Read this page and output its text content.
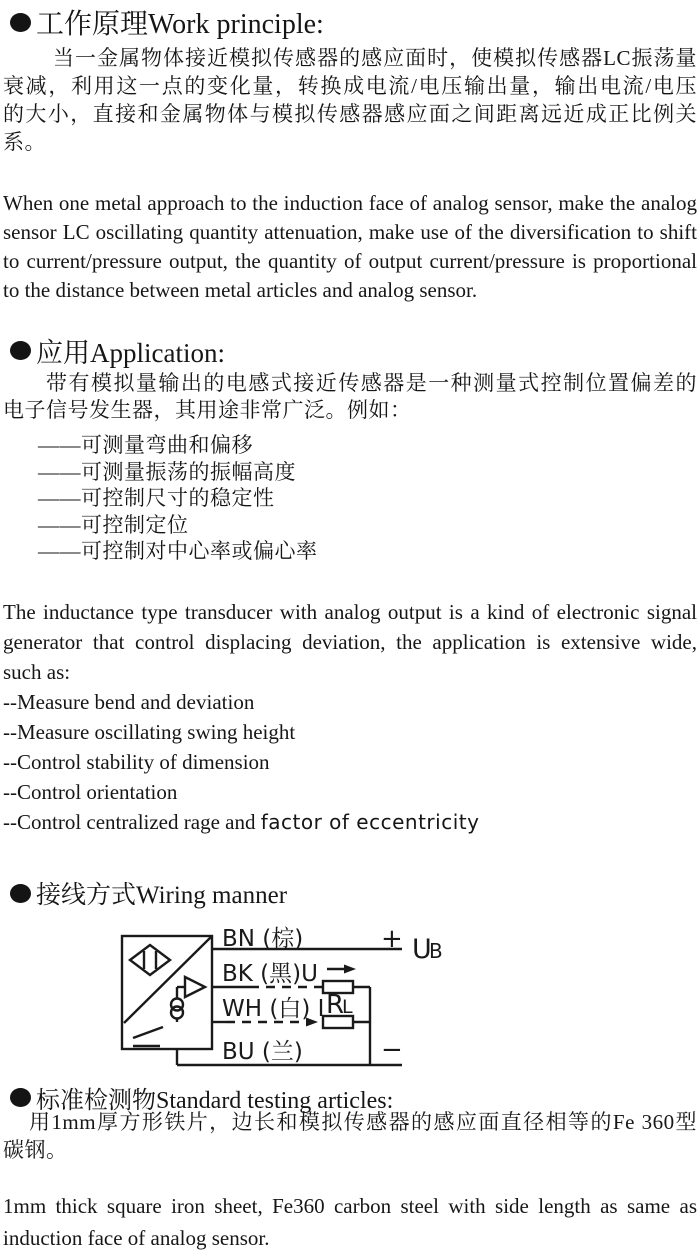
工作原理Work principle:
当一金属物体接近模拟传感器的感应面时，使模拟传感器LC振荡量
衰减，利用这一点的变化量，转换成电流/电压输出量，输出电流/电压
的大小，直接和金属物体与模拟传感器感应面之间距离远近成正比例关
系。
When one metal approach to the induction face of analog sensor, make the analog
sensor LC oscillating quantity attenuation, make use of the diversification to shift
to current/pressure output, the quantity of output current/pressure is proportional
to the distance between metal articles and analog sensor.
应用Application:
带有模拟量输出的电感式接近传感器是一种测量式控制位置偏差的
电子信号发生器，其用途非常广泛。例如：
——可测量弯曲和偏移
——可测量振荡的振幅高度
——可控制尺寸的稳定性
——可控制定位
——可控制对中心率或偏心率
The inductance type transducer with analog output is a kind of electronic signal
generator that control displacing deviation, the application is extensive wide,
such as:
--Measure bend and deviation
--Measure oscillating swing height
--Control stability of dimension
--Control orientation
--Control centralized rage and factor of eccentricity
接线方式Wiring manner
BN (棕)	+ U
B
BK (黑)U
WH (白) I R
L
BU (兰)	−
标准检测物Standard testing articles:
用1mm厚方形铁片，边长和模拟传感器的感应面直径相等的Fe 360型
碳钢。
1mm thick square iron sheet, Fe360 carbon steel with side length as same as
induction face of analog sensor.
